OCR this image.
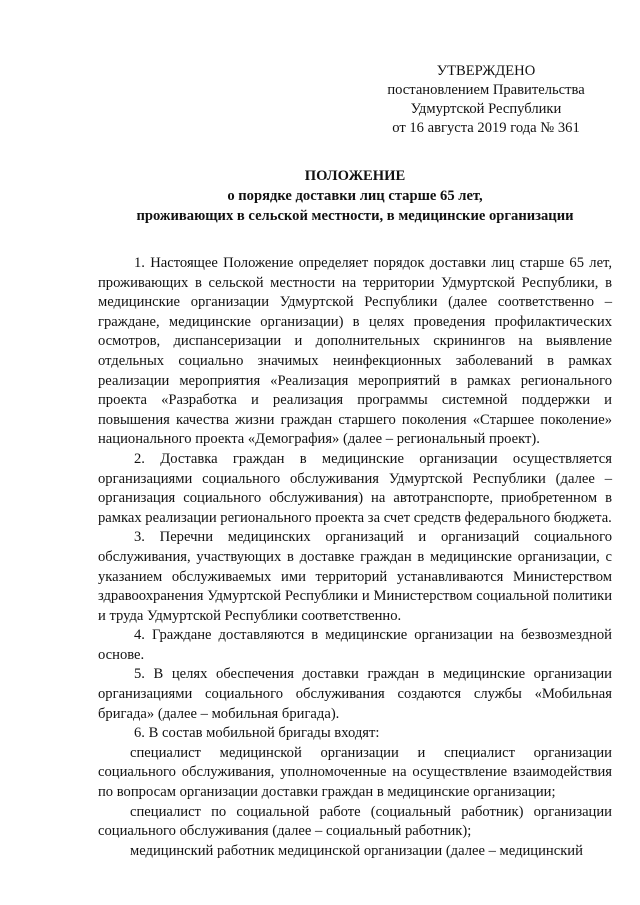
УТВЕРЖДЕНО
постановлением Правительства
Удмуртской Республики
от 16 августа 2019 года № 361
ПОЛОЖЕНИЕ
о порядке доставки лиц старше 65 лет,
проживающих в сельской местности, в медицинские организации

1. Настоящее Положение определяет порядок доставки лиц старше 65 лет, проживающих в сельской местности на территории Удмуртской Республики, в медицинские организации Удмуртской Республики (далее соответственно – граждане, медицинские организации) в целях проведения профилактических осмотров, диспансеризации и дополнительных скринингов на выявление отдельных социально значимых неинфекционных заболеваний в рамках реализации мероприятия «Реализация мероприятий в рамках регионального проекта «Разработка и реализация программы системной поддержки и повышения качества жизни граждан старшего поколения «Старшее поколение» национального проекта «Демография» (далее – региональный проект).

2. Доставка граждан в медицинские организации осуществляется организациями социального обслуживания Удмуртской Республики (далее – организация социального обслуживания) на автотранспорте, приобретенном в рамках реализации регионального проекта за счет средств федерального бюджета.

3. Перечни медицинских организаций и организаций социального обслуживания, участвующих в доставке граждан в медицинские организации, с указанием обслуживаемых ими территорий устанавливаются Министерством здравоохранения Удмуртской Республики и Министерством социальной политики и труда Удмуртской Республики соответственно.

4. Граждане доставляются в медицинские организации на безвозмездной основе.

5. В целях обеспечения доставки граждан в медицинские организации организациями социального обслуживания создаются службы «Мобильная бригада» (далее – мобильная бригада).

6. В состав мобильной бригады входят:

специалист медицинской организации и специалист организации социального обслуживания, уполномоченные на осуществление взаимодействия по вопросам организации доставки граждан в медицинские организации;

специалист по социальной работе (социальный работник) организации социального обслуживания (далее – социальный работник);

медицинский работник медицинской организации (далее – медицинский
